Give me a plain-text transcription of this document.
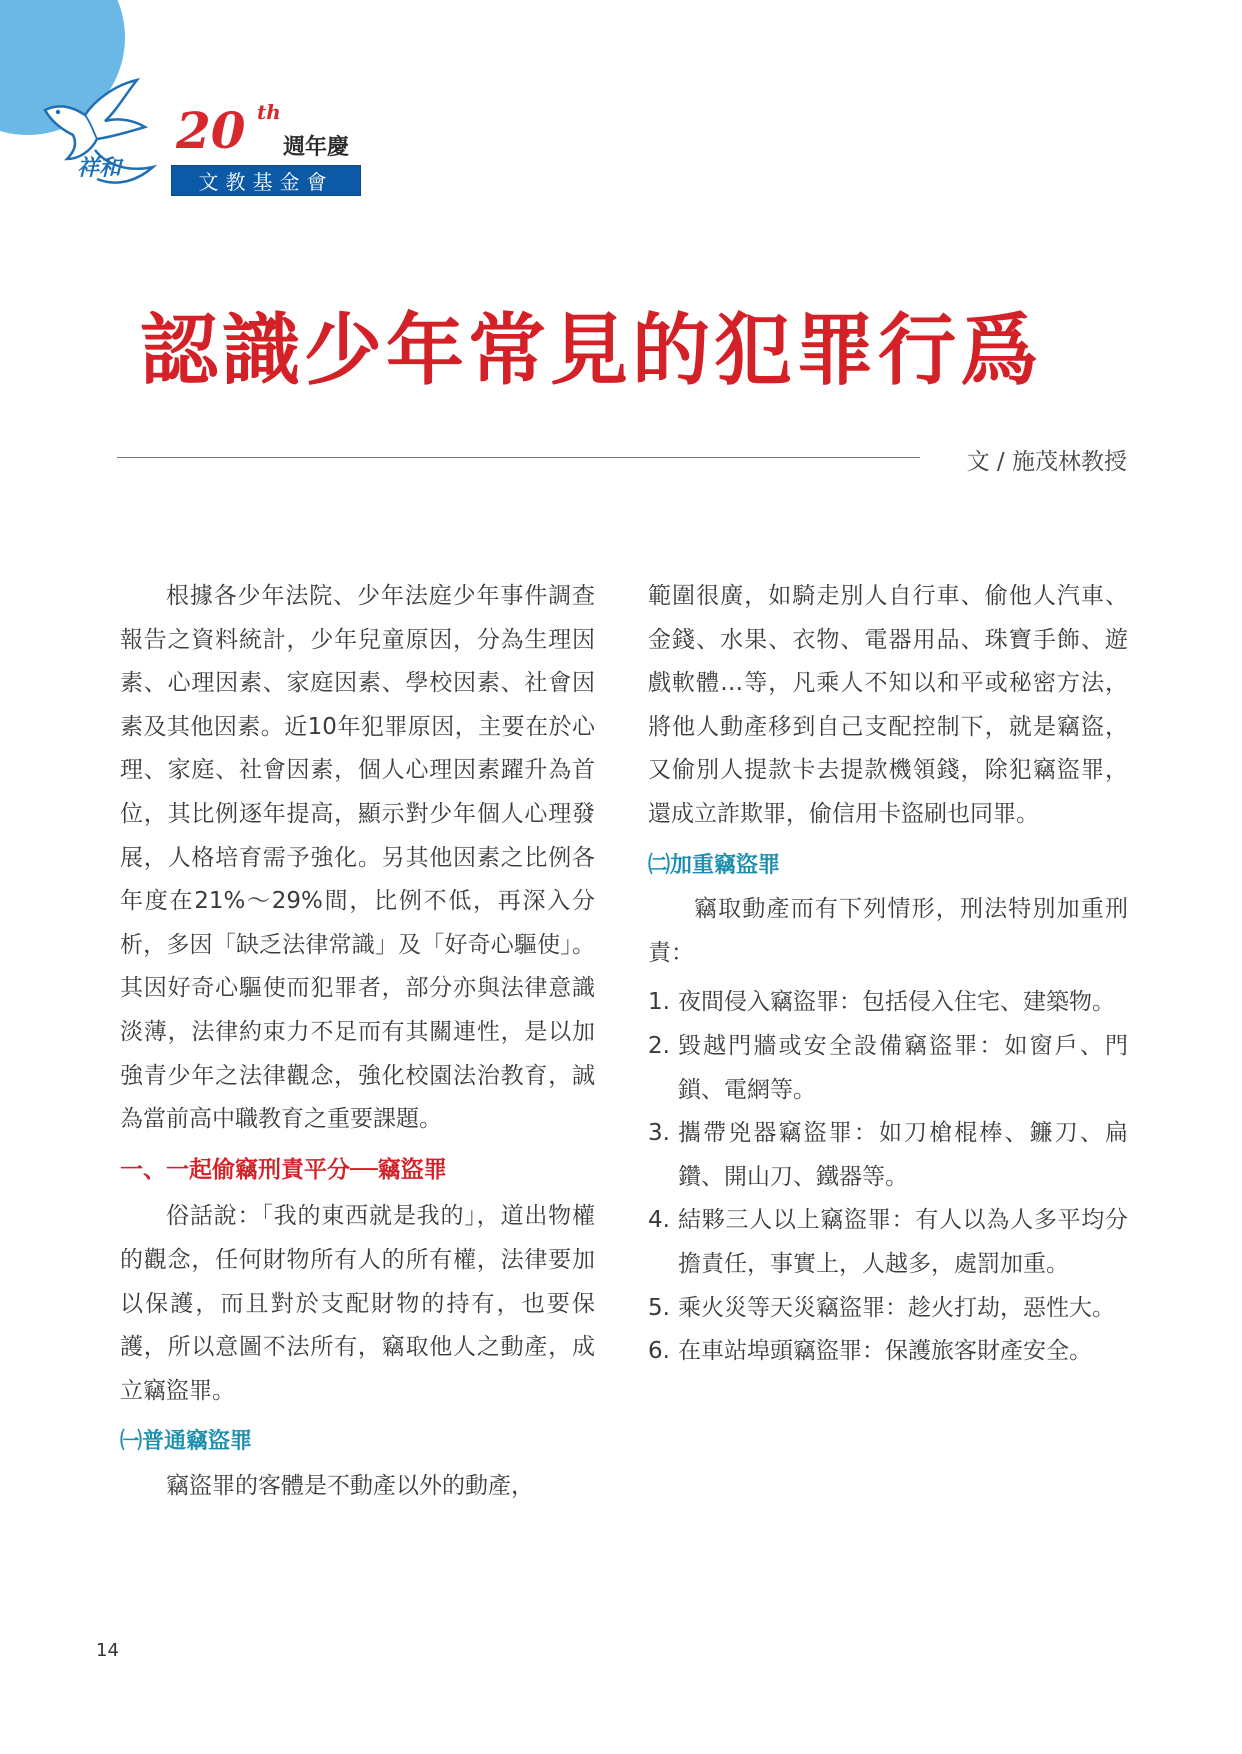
祥和
20 th
週年慶
文教基金會
認識少年常見的犯罪行爲
文 / 施茂林教授

根據各少年法院、少年法庭少年事件調查報告之資料統計，少年兒童原因，分為生理因素、心理因素、家庭因素、學校因素、社會因素及其他因素。近10年犯罪原因，主要在於心理、家庭、社會因素，個人心理因素躍升為首位，其比例逐年提高，顯示對少年個人心理發展，人格培育需予強化。另其他因素之比例各年度在21%～29%間，比例不低，再深入分析，多因「缺乏法律常識」及「好奇心驅使」。其因好奇心驅使而犯罪者，部分亦與法律意識淡薄，法律約束力不足而有其關連性，是以加強青少年之法律觀念，強化校園法治教育，誠為當前高中職教育之重要課題。

一、一起偷竊刑責平分──竊盜罪

俗話說：「我的東西就是我的」，道出物權的觀念，任何財物所有人的所有權，法律要加以保護，而且對於支配財物的持有，也要保護，所以意圖不法所有，竊取他人之動產，成立竊盜罪。

㈠普通竊盜罪

竊盜罪的客體是不動產以外的動產，

範圍很廣，如騎走別人自行車、偷他人汽車、金錢、水果、衣物、電器用品、珠寶手飾、遊戲軟體…等，凡乘人不知以和平或秘密方法，將他人動產移到自己支配控制下，就是竊盜，又偷別人提款卡去提款機領錢，除犯竊盜罪，還成立詐欺罪，偷信用卡盜刷也同罪。

㈡加重竊盜罪

竊取動產而有下列情形，刑法特別加重刑責：

1. 夜間侵入竊盜罪：包括侵入住宅、建築物。
2. 毀越門牆或安全設備竊盜罪：如窗戶、門鎖、電網等。
3. 攜帶兇器竊盜罪：如刀槍棍棒、鐮刀、扁鑽、開山刀、鐵器等。
4. 結夥三人以上竊盜罪：有人以為人多平均分擔責任，事實上，人越多，處罰加重。
5. 乘火災等天災竊盜罪：趁火打劫，惡性大。
6. 在車站埠頭竊盜罪：保護旅客財產安全。
14
